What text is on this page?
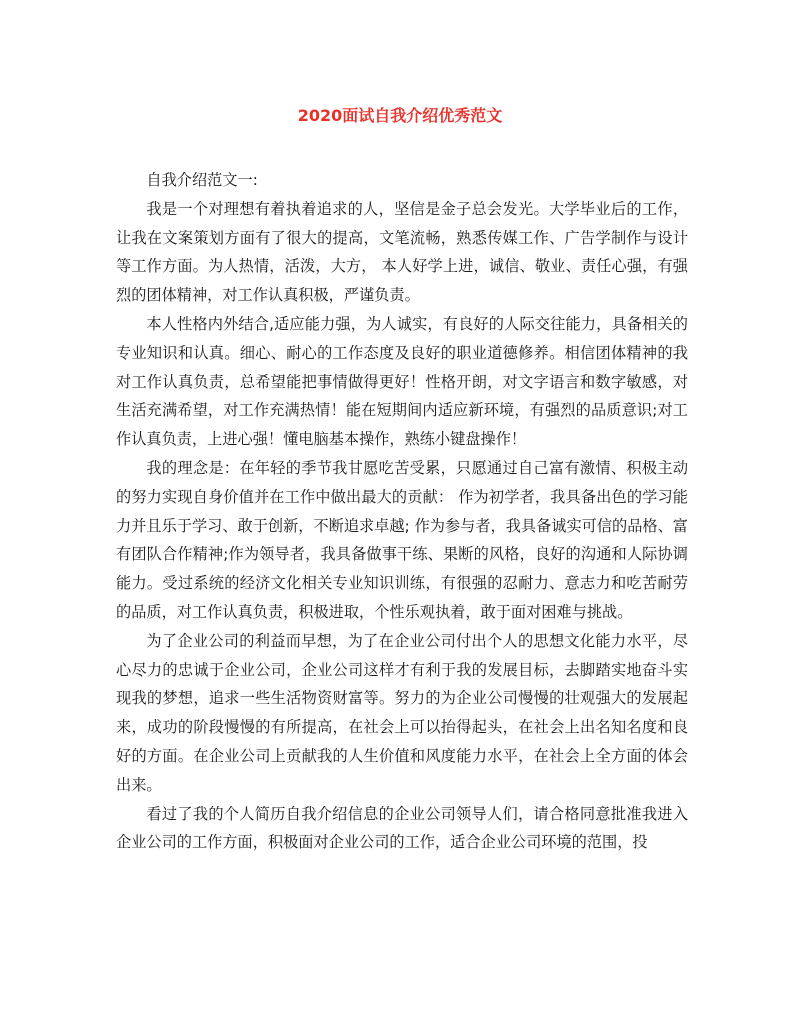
2020面试自我介绍优秀范文

自我介绍范文一:

我是一个对理想有着执着追求的人，坚信是金子总会发光。大学毕业后的工作，让我在文案策划方面有了很大的提高，文笔流畅，熟悉传媒工作、广告学制作与设计等工作方面。为人热情，活泼，大方， 本人好学上进，诚信、敬业、责任心强，有强烈的团体精神，对工作认真积极，严谨负责。

本人性格内外结合,适应能力强，为人诚实，有良好的人际交往能力，具备相关的专业知识和认真。细心、耐心的工作态度及良好的职业道德修养。相信团体精神的我对工作认真负责，总希望能把事情做得更好！性格开朗，对文字语言和数字敏感，对生活充满希望，对工作充满热情！能在短期间内适应新环境，有强烈的品质意识;对工作认真负责，上进心强！懂电脑基本操作，熟练小键盘操作！

我的理念是：在年轻的季节我甘愿吃苦受累，只愿通过自己富有激情、积极主动的努力实现自身价值并在工作中做出最大的贡献： 作为初学者，我具备出色的学习能力并且乐于学习、敢于创新，不断追求卓越; 作为参与者，我具备诚实可信的品格、富有团队合作精神;作为领导者，我具备做事干练、果断的风格，良好的沟通和人际协调能力。受过系统的经济文化相关专业知识训练，有很强的忍耐力、意志力和吃苦耐劳的品质，对工作认真负责，积极进取，个性乐观执着，敢于面对困难与挑战。

为了企业公司的利益而早想，为了在企业公司付出个人的思想文化能力水平，尽心尽力的忠诚于企业公司，企业公司这样才有利于我的发展目标，去脚踏实地奋斗实现我的梦想，追求一些生活物资财富等。努力的为企业公司慢慢的壮观强大的发展起来，成功的阶段慢慢的有所提高，在社会上可以抬得起头，在社会上出名知名度和良好的方面。在企业公司上贡献我的人生价值和风度能力水平，在社会上全方面的体会出来。

看过了我的个人简历自我介绍信息的企业公司领导人们，请合格同意批准我进入企业公司的工作方面，积极面对企业公司的工作，适合企业公司环境的范围，投
